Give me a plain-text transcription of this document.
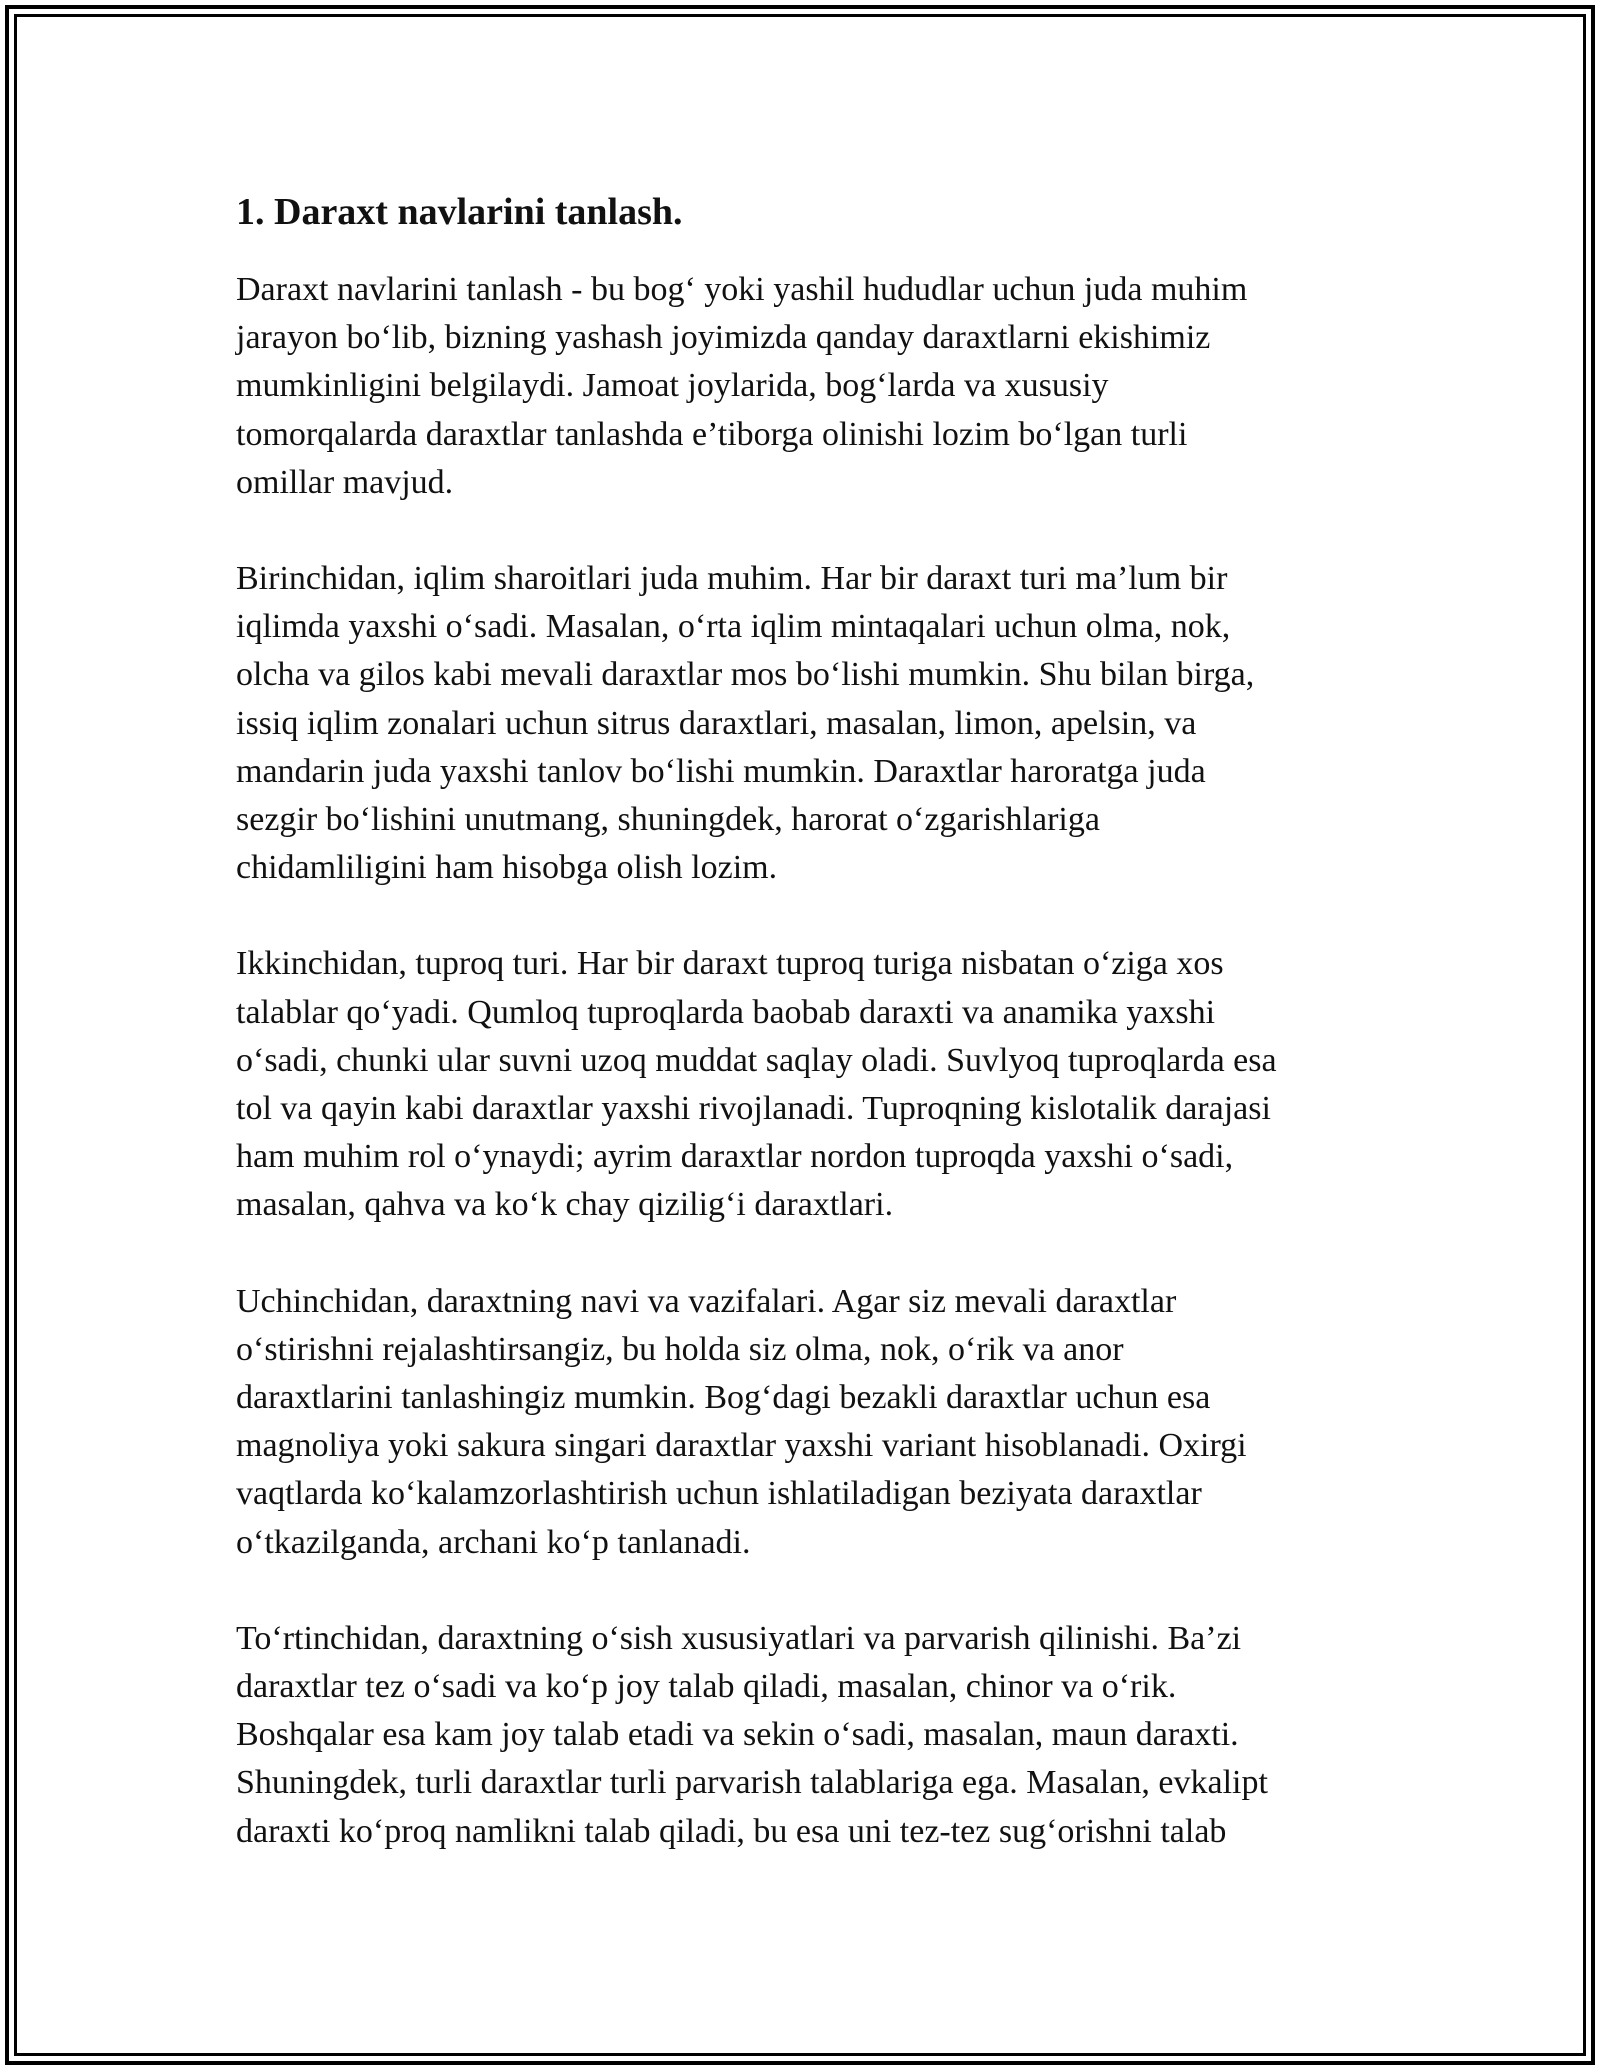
1. Daraxt navlarini tanlash.
Daraxt navlarini tanlash - bu bog‘ yoki yashil hududlar uchun juda muhim
jarayon bo‘lib, bizning yashash joyimizda qanday daraxtlarni ekishimiz
mumkinligini belgilaydi. Jamoat joylarida, bog‘larda va xususiy
tomorqalarda daraxtlar tanlashda e’tiborga olinishi lozim bo‘lgan turli
omillar mavjud.
Birinchidan, iqlim sharoitlari juda muhim. Har bir daraxt turi ma’lum bir
iqlimda yaxshi o‘sadi. Masalan, o‘rta iqlim mintaqalari uchun olma, nok,
olcha va gilos kabi mevali daraxtlar mos bo‘lishi mumkin. Shu bilan birga,
issiq iqlim zonalari uchun sitrus daraxtlari, masalan, limon, apelsin, va
mandarin juda yaxshi tanlov bo‘lishi mumkin. Daraxtlar haroratga juda
sezgir bo‘lishini unutmang, shuningdek, harorat o‘zgarishlariga
chidamliligini ham hisobga olish lozim.
Ikkinchidan, tuproq turi. Har bir daraxt tuproq turiga nisbatan o‘ziga xos
talablar qo‘yadi. Qumloq tuproqlarda baobab daraxti va anamika yaxshi
o‘sadi, chunki ular suvni uzoq muddat saqlay oladi. Suvlyoq tuproqlarda esa
tol va qayin kabi daraxtlar yaxshi rivojlanadi. Tuproqning kislotalik darajasi
ham muhim rol o‘ynaydi; ayrim daraxtlar nordon tuproqda yaxshi o‘sadi,
masalan, qahva va ko‘k chay qizilig‘i daraxtlari.
Uchinchidan, daraxtning navi va vazifalari. Agar siz mevali daraxtlar
o‘stirishni rejalashtirsangiz, bu holda siz olma, nok, o‘rik va anor
daraxtlarini tanlashingiz mumkin. Bog‘dagi bezakli daraxtlar uchun esa
magnoliya yoki sakura singari daraxtlar yaxshi variant hisoblanadi. Oxirgi
vaqtlarda ko‘kalamzorlashtirish uchun ishlatiladigan beziyata daraxtlar
o‘tkazilganda, archani ko‘p tanlanadi.
To‘rtinchidan, daraxtning o‘sish xususiyatlari va parvarish qilinishi. Ba’zi
daraxtlar tez o‘sadi va ko‘p joy talab qiladi, masalan, chinor va o‘rik.
Boshqalar esa kam joy talab etadi va sekin o‘sadi, masalan, maun daraxti.
Shuningdek, turli daraxtlar turli parvarish talablariga ega. Masalan, evkalipt
daraxti ko‘proq namlikni talab qiladi, bu esa uni tez-tez sug‘orishni talab
